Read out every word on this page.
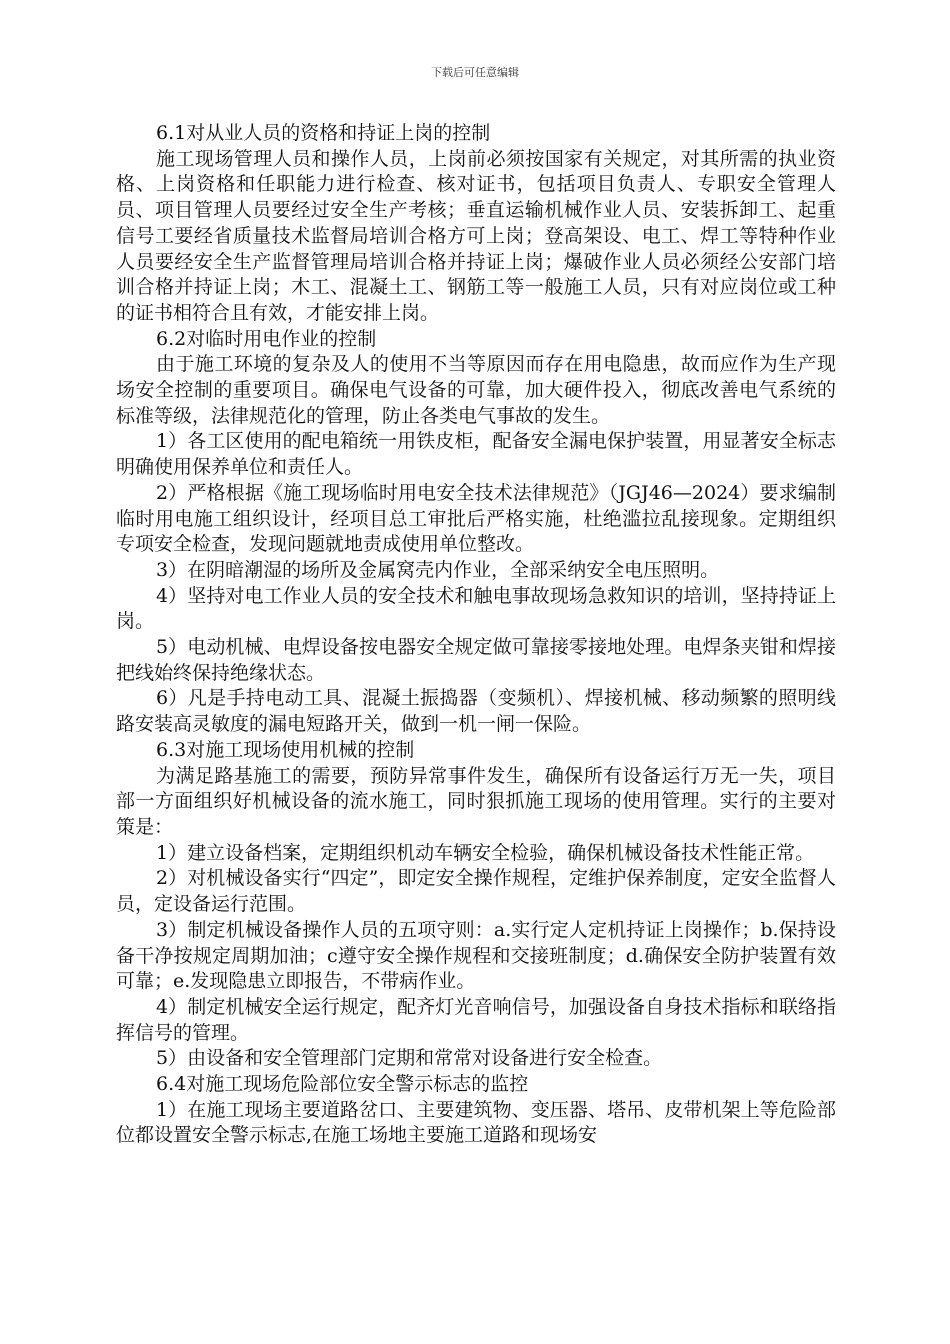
下载后可任意编辑

6.1对从业人员的资格和持证上岗的控制

施工现场管理人员和操作人员，上岗前必须按国家有关规定，对其所需的执业资格、上岗资格和任职能力进行检查、核对证书，包括项目负责人、专职安全管理人员、项目管理人员要经过安全生产考核；垂直运输机械作业人员、安装拆卸工、起重信号工要经省质量技术监督局培训合格方可上岗；登高架设、电工、焊工等特种作业人员要经安全生产监督管理局培训合格并持证上岗；爆破作业人员必须经公安部门培训合格并持证上岗；木工、混凝土工、钢筋工等一般施工人员，只有对应岗位或工种的证书相符合且有效，才能安排上岗。

6.2对临时用电作业的控制

由于施工环境的复杂及人的使用不当等原因而存在用电隐患，故而应作为生产现场安全控制的重要项目。确保电气设备的可靠，加大硬件投入，彻底改善电气系统的标准等级，法律规范化的管理，防止各类电气事故的发生。

1）各工区使用的配电箱统一用铁皮柜，配备安全漏电保护装置，用显著安全标志明确使用保养单位和责任人。

2）严格根据《施工现场临时用电安全技术法律规范》（JGJ46—2024）要求编制临时用电施工组织设计，经项目总工审批后严格实施，杜绝滥拉乱接现象。定期组织专项安全检查，发现问题就地责成使用单位整改。

3）在阴暗潮湿的场所及金属窝壳内作业，全部采纳安全电压照明。

4）坚持对电工作业人员的安全技术和触电事故现场急救知识的培训，坚持持证上岗。

5）电动机械、电焊设备按电器安全规定做可靠接零接地处理。电焊条夹钳和焊接把线始终保持绝缘状态。

6）凡是手持电动工具、混凝土振捣器（变频机）、焊接机械、移动频繁的照明线路安装高灵敏度的漏电短路开关，做到一机一闸一保险。

6.3对施工现场使用机械的控制

为满足路基施工的需要，预防异常事件发生，确保所有设备运行万无一失，项目部一方面组织好机械设备的流水施工，同时狠抓施工现场的使用管理。实行的主要对策是：

1）建立设备档案，定期组织机动车辆安全检验，确保机械设备技术性能正常。

2）对机械设备实行“四定”，即定安全操作规程，定维护保养制度，定安全监督人员，定设备运行范围。

3）制定机械设备操作人员的五项守则：a.实行定人定机持证上岗操作；b.保持设备干净按规定周期加油；c遵守安全操作规程和交接班制度；d.确保安全防护装置有效可靠；e.发现隐患立即报告，不带病作业。

4）制定机械安全运行规定，配齐灯光音响信号，加强设备自身技术指标和联络指挥信号的管理。

5）由设备和安全管理部门定期和常常对设备进行安全检查。

6.4对施工现场危险部位安全警示标志的监控

1）在施工现场主要道路岔口、主要建筑物、变压器、塔吊、皮带机架上等危险部位都设置安全警示标志,在施工场地主要施工道路和现场安
